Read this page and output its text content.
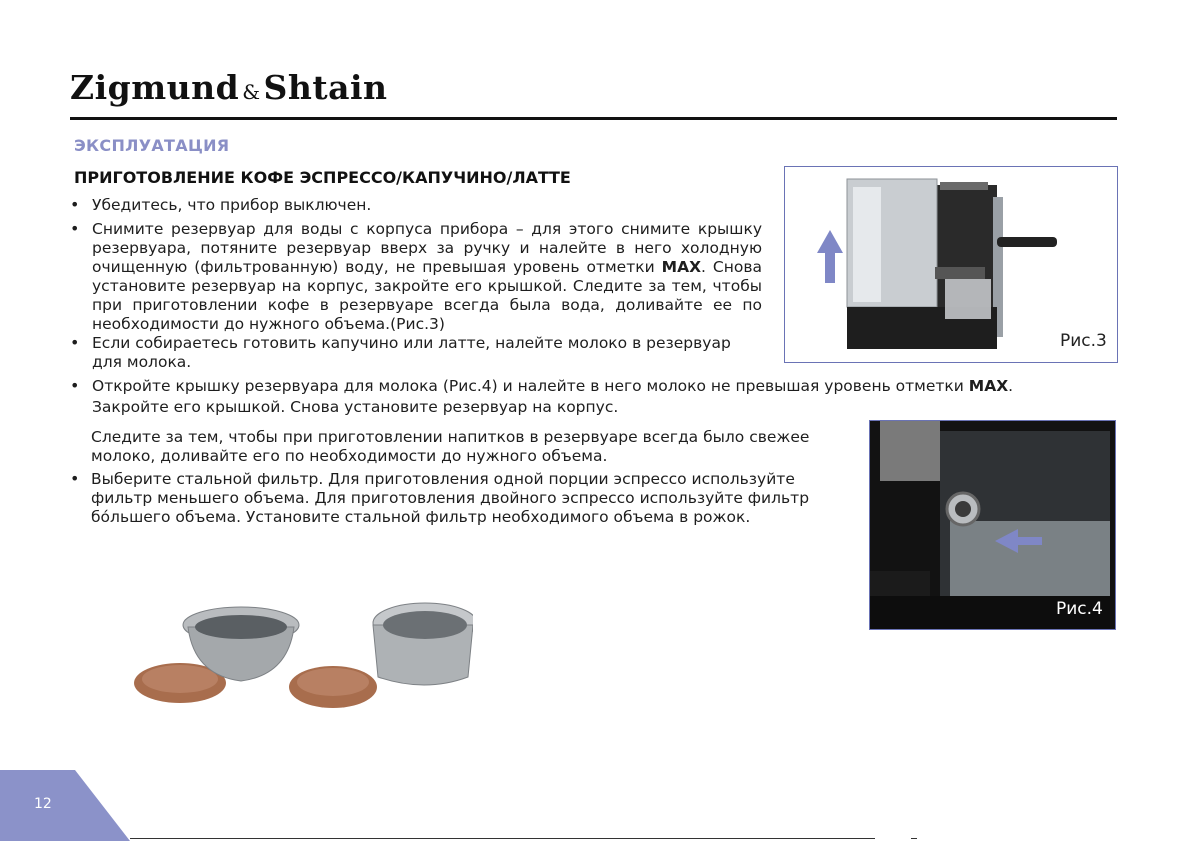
Zigmund &Shtain
ЭКСПЛУАТАЦИЯ
ПРИГОТОВЛЕНИЕ КОФЕ ЭСПРЕССО/КАПУЧИНО/ЛАТТЕ
• Убедитесь, что прибор выключен.
• Снимите резервуар для воды с корпуса прибора – для этого снимите крышку резервуара, потяните резервуар вверх за ручку и налейте в него холодную очищенную (фильтрованную) воду, не превышая уровень отметки MAX. Снова установите резервуар на корпус, закройте его крышкой. Следите за тем, чтобы при приготовлении кофе в резервуаре всегда была вода, доливайте ее по необходимости до нужного объема.(Рис.3)
• Если собираетесь готовить капучино или латте, налейте молоко в резервуар для молока.
• Откройте крышку резервуара для молока (Рис.4) и налейте в него молоко не превышая уровень отметки MAX.
Закройте его крышкой. Снова установите резервуар на корпус.
Следите за тем, чтобы при приготовлении напитков в резервуаре всегда было свежее молоко, доливайте его по необходимости до нужного объема.
• Выберите стальной фильтр. Для приготовления одной порции эспрессо используйте фильтр меньшего объема. Для приготовления двойного эспрессо используйте фильтр бóльшего объема. Установите стальной фильтр необходимого объема в рожок.
Рис.3
Рис.4
12
